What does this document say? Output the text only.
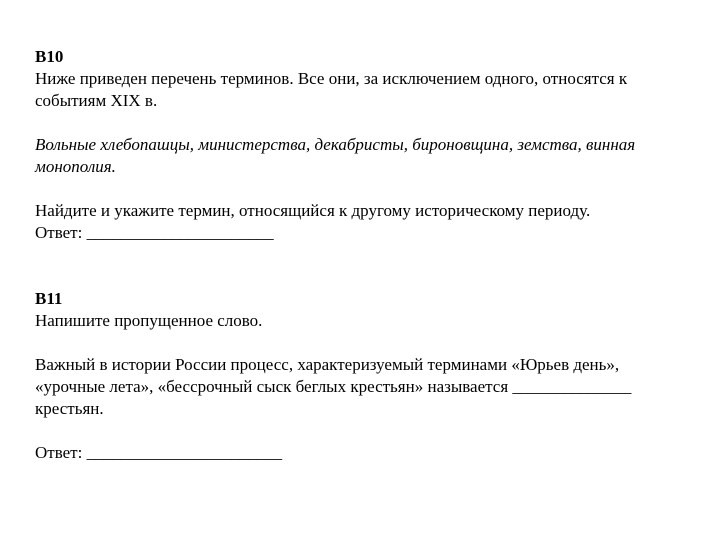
B10
Ниже приведен перечень терминов. Все они, за исключением одного, относятся к
событиям XIX в.
Вольные хлебопашцы, министерства, декабристы, бироновщина, земства, винная
монополия.
Найдите и укажите термин, относящийся к другому историческому периоду.
Ответ: ______________________
B11
Напишите пропущенное слово.
Важный в истории России процесс, характеризуемый терминами «Юрьев день»,
«урочные лета», «бессрочный сыск беглых крестьян» называется ______________
крестьян.
Ответ: _______________________
